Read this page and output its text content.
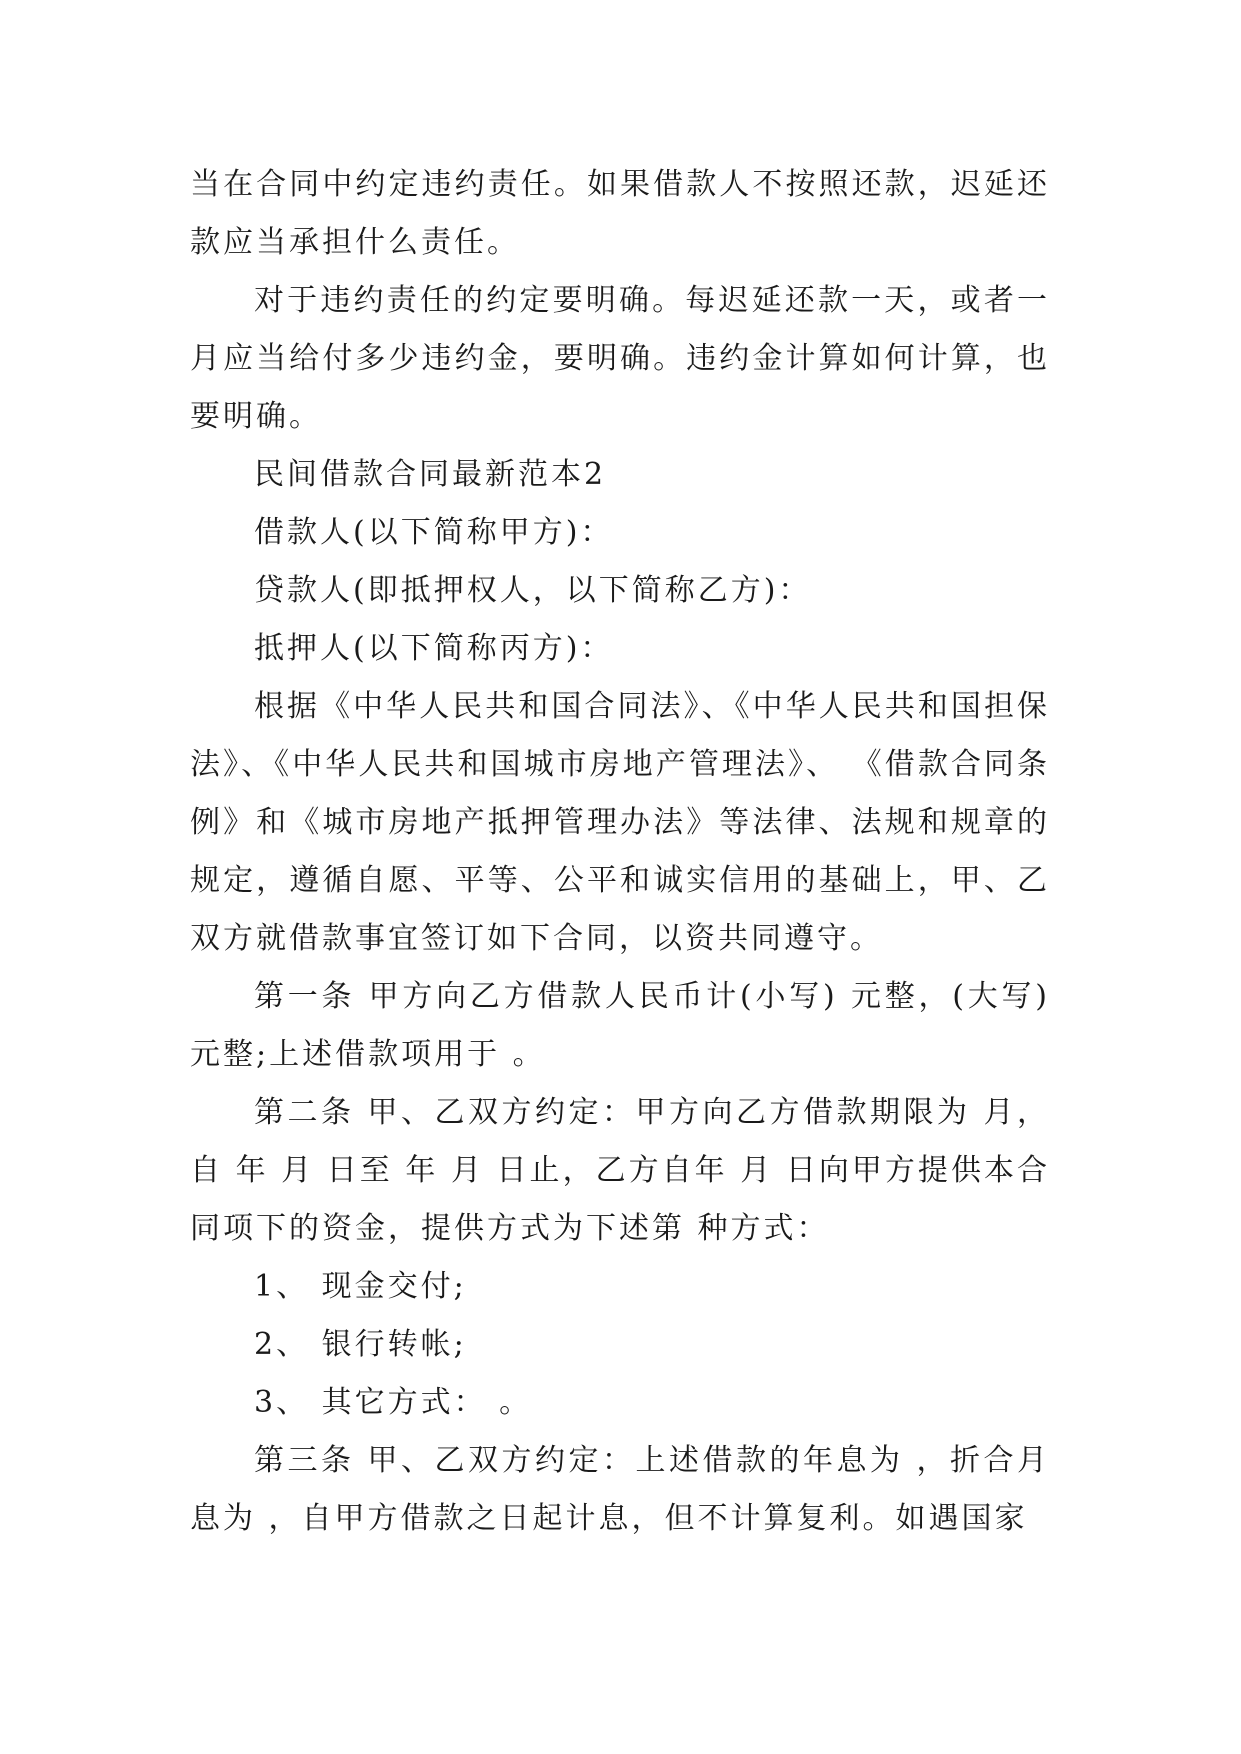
当在合同中约定违约责任。如果借款人不按照还款，迟延还款应当承担什么责任。

对于违约责任的约定要明确。每迟延还款一天，或者一月应当给付多少违约金，要明确。违约金计算如何计算，也要明确。

民间借款合同最新范本2

借款人(以下简称甲方)：

贷款人(即抵押权人，以下简称乙方)：

抵押人(以下简称丙方)：

根据《中华人民共和国合同法》、《中华人民共和国担保法》、《中华人民共和国城市房地产管理法》、 《借款合同条例》和《城市房地产抵押管理办法》等法律、法规和规章的规定，遵循自愿、平等、公平和诚实信用的基础上，甲、乙双方就借款事宜签订如下合同，以资共同遵守。

第一条 甲方向乙方借款人民币计(小写) 元整，(大写) 元整;上述借款项用于 。

第二条 甲、乙双方约定：甲方向乙方借款期限为 月，自 年 月 日至 年 月 日止，乙方自年 月 日向甲方提供本合同项下的资金，提供方式为下述第 种方式：

1、 现金交付;

2、 银行转帐;

3、 其它方式： 。

第三条 甲、乙双方约定：上述借款的年息为 ，折合月息为 ，自甲方借款之日起计息，但不计算复利。如遇国家
